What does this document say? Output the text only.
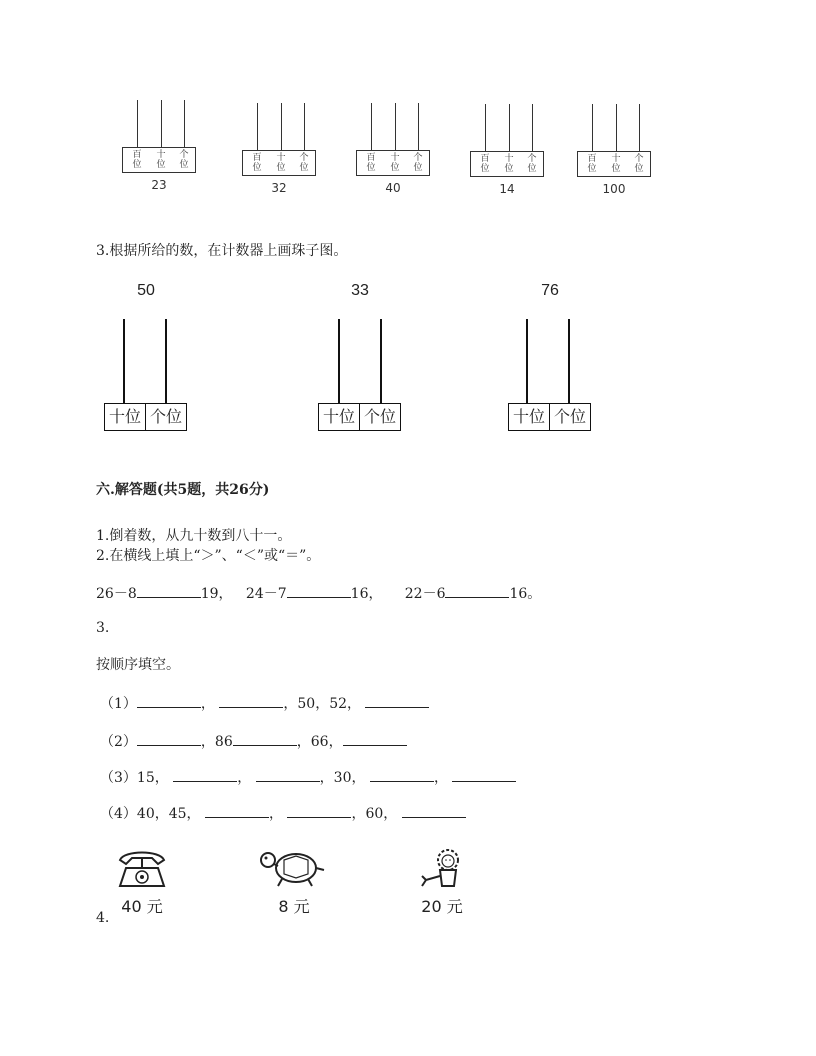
百
位
十
位
个
位
23
百
位
十
位
个
位
32
百
位
十
位
个
位
40
百
位
十
位
个
位
14
百
位
十
位
个
位
100
3.根据所给的数，在计数器上画珠子图。
50
十位 个位
33
十位 个位
76
十位 个位
六.解答题(共5题，共26分)
1.倒着数，从九十数到八十一。
2.在横线上填上“＞”、“＜”或“＝”。
26－8	19， 24－7	16， 22－6	16。
3.
按顺序填空。
（1）	，	，50，52，
（2）	，86	，66，
（3）15，	，	，30，	，
（4）40，45，	，	，60，
40 元	8 元	20 元
4.
